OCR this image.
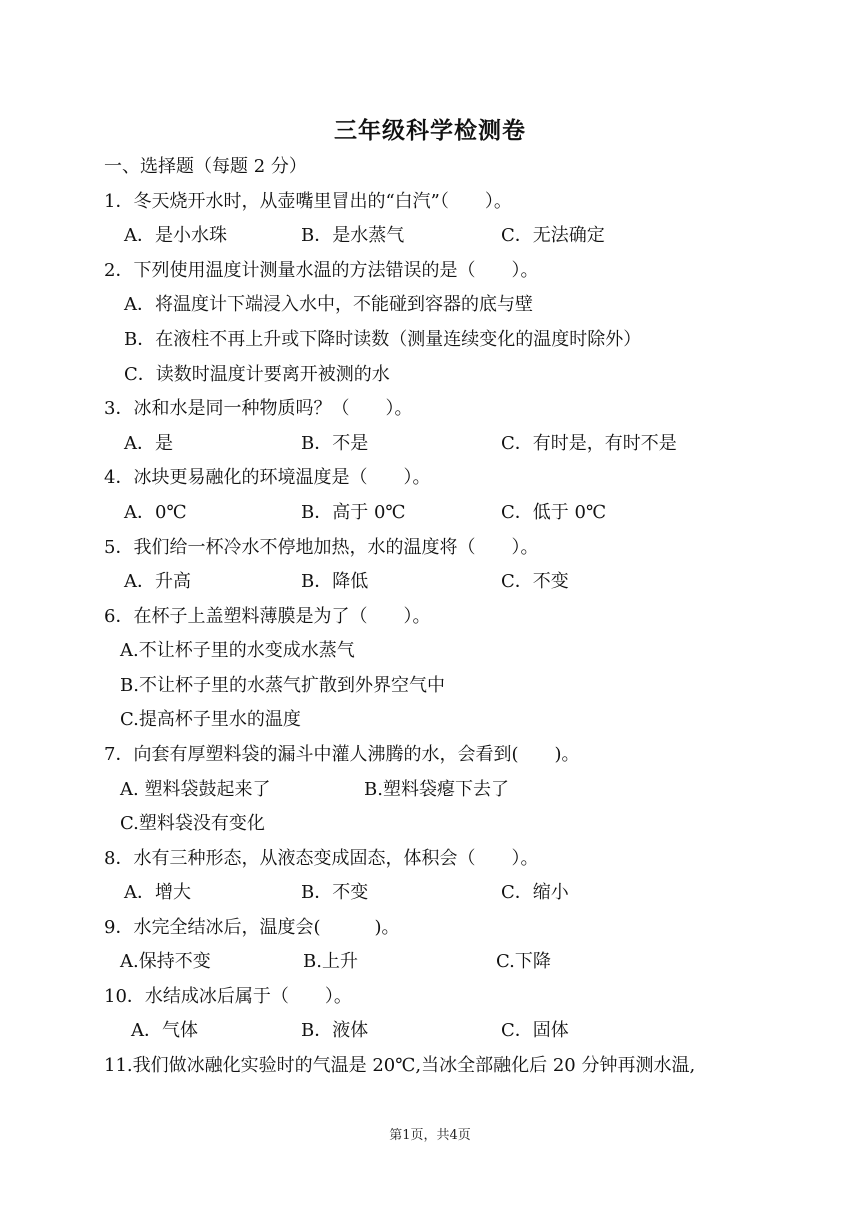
三年级科学检测卷
一、选择题（每题 2 分）
1．冬天烧开水时，从壶嘴里冒出的“白汽”（　　）。
A．是小水珠	B．是水蒸气	C．无法确定
2．下列使用温度计测量水温的方法错误的是（　　）。
A．将温度计下端浸入水中，不能碰到容器的底与壁
B．在液柱不再上升或下降时读数（测量连续变化的温度时除外）
C．读数时温度计要离开被测的水
3．冰和水是同一种物质吗？（　　）。
A．是	B．不是	C．有时是，有时不是
4．冰块更易融化的环境温度是（　　）。
A．0℃	B．高于 0℃	C．低于 0℃
5．我们给一杯冷水不停地加热，水的温度将（　　）。
A．升高	B．降低	C．不变
6．在杯子上盖塑料薄膜是为了（　　）。
A.不让杯子里的水变成水蒸气
B.不让杯子里的水蒸气扩散到外界空气中
C.提高杯子里水的温度
7．向套有厚塑料袋的漏斗中灌人沸腾的水，会看到(　　)。
A. 塑料袋鼓起来了	B.塑料袋瘪下去了
C.塑料袋没有变化
8．水有三种形态，从液态变成固态，体积会（　　）。
A．增大	B．不变	C．缩小
9．水完全结冰后，温度会(　　　)。
A.保持不变	B.上升	C.下降
10．水结成冰后属于（　　）。
A．气体	B．液体	C．固体
11.我们做冰融化实验时的气温是 20℃,当冰全部融化后 20 分钟再测水温,
第1页，共4页
